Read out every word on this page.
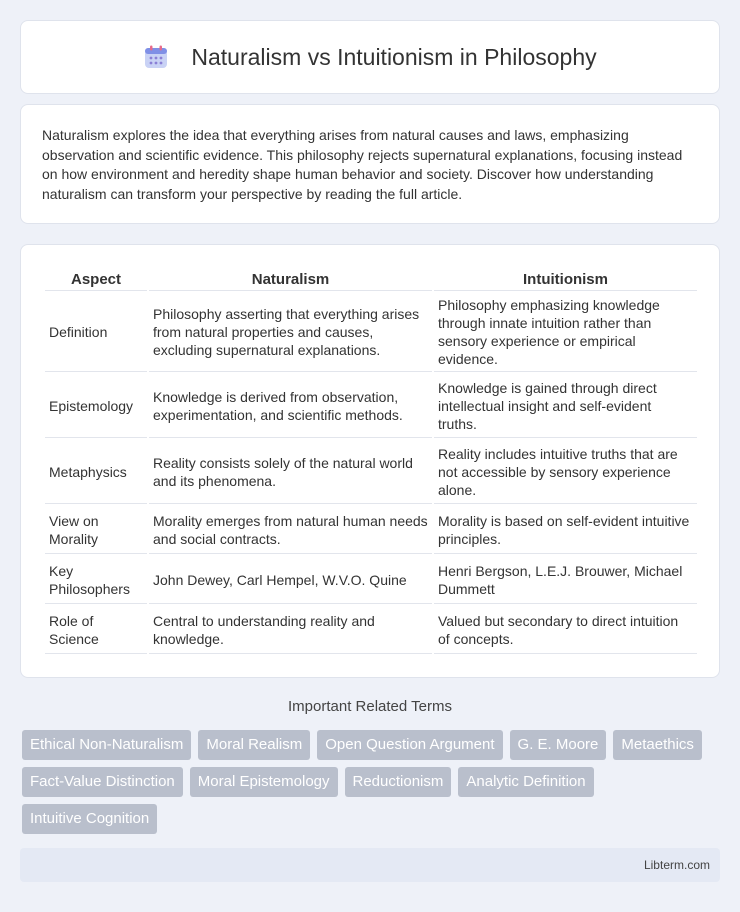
Naturalism vs Intuitionism in Philosophy

Naturalism explores the idea that everything arises from natural causes and laws, emphasizing observation and scientific evidence. This philosophy rejects supernatural explanations, focusing instead on how environment and heredity shape human behavior and society. Discover how understanding naturalism can transform your perspective by reading the full article.

Aspect	Naturalism	Intuitionism
Definition	Philosophy asserting that everything arises from natural properties and causes, excluding supernatural explanations.	Philosophy emphasizing knowledge through innate intuition rather than sensory experience or empirical evidence.
Epistemology	Knowledge is derived from observation, experimentation, and scientific methods.	Knowledge is gained through direct intellectual insight and self-evident truths.
Metaphysics	Reality consists solely of the natural world and its phenomena.	Reality includes intuitive truths that are not accessible by sensory experience alone.
View on Morality	Morality emerges from natural human needs and social contracts.	Morality is based on self-evident intuitive principles.
Key Philosophers	John Dewey, Carl Hempel, W.V.O. Quine	Henri Bergson, L.E.J. Brouwer, Michael Dummett
Role of Science	Central to understanding reality and knowledge.	Valued but secondary to direct intuition of concepts.
Important Related Terms
Ethical Non-Naturalism	Moral Realism	Open Question Argument	G. E. Moore	Metaethics
Fact-Value Distinction	Moral Epistemology	Reductionism	Analytic Definition
Intuitive Cognition
Libterm.com
